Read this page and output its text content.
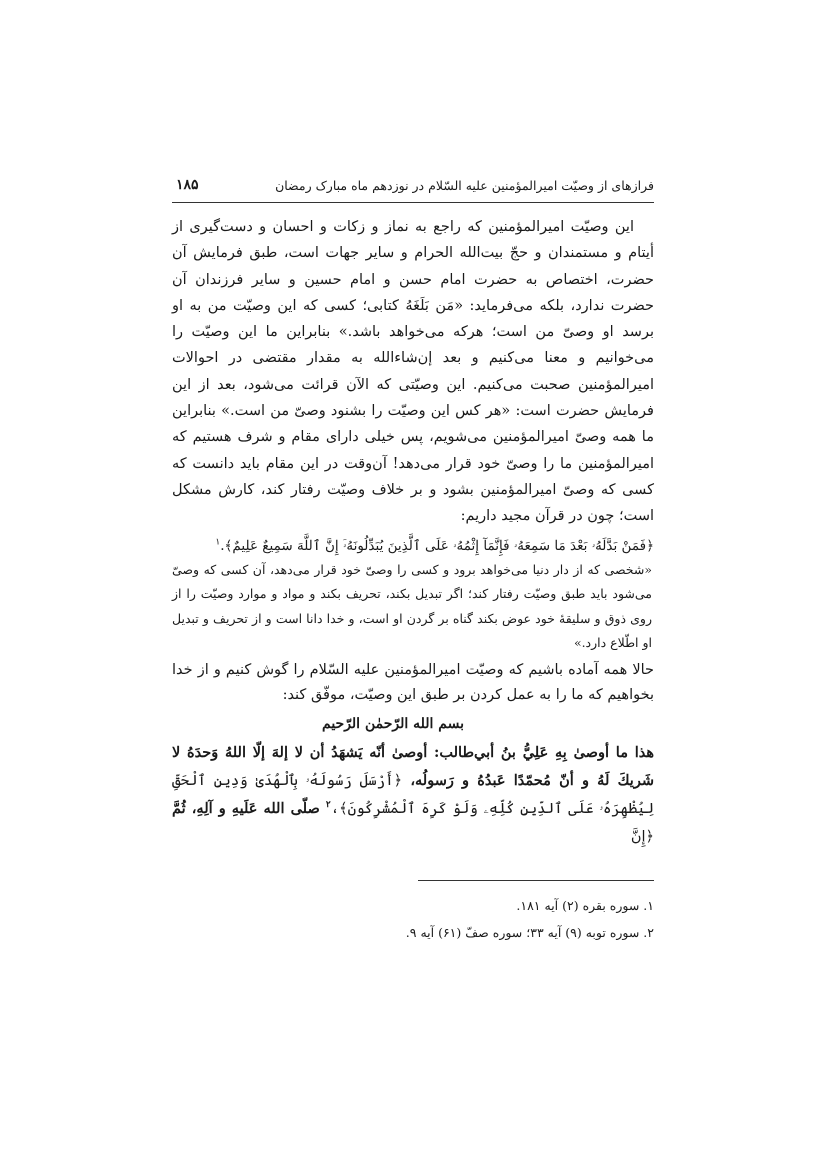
فرازهای از وصیّت امیرالمؤمنین علیه السّلام در نوزدهم ماه مبارک رمضان
۱۸۵

این وصیّت امیرالمؤمنین که راجع به نماز و زکات و احسان و دست‌گیری از أیتام و مستمندان و حجّ بیت‌الله الحرام و سایر جهات است، طبق فرمایش آن حضرت، اختصاص به حضرت امام حسن و امام حسین و سایر فرزندان آن حضرت ندارد، بلکه می‌فرماید: «مَن بَلَغَهُ کتابی؛ کسی که این وصیّت من به او برسد او وصیّ من است؛ هرکه می‌خواهد باشد.» بنابراین ما این وصیّت را می‌خوانیم و معنا می‌کنیم و بعد إن‌شاءالله به مقدار مقتضی در احوالات امیرالمؤمنین صحبت می‌کنیم. این وصیّتی که الآن قرائت می‌شود، بعد از این فرمایش حضرت است: «هر کس این وصیّت را بشنود وصیّ من است.» بنابراین ما همه وصیّ امیرالمؤمنین می‌شویم، پس خیلی دارای مقام و شرف هستیم که امیرالمؤمنین ما را وصیّ خود قرار می‌دهد! آن‌وقت در این مقام باید دانست که کسی که وصیّ امیرالمؤمنین بشود و بر خلاف وصیّت رفتار کند، کارش مشکل است؛ چون در قرآن مجید داریم:

﴿فَمَنْ بَدَّلَهُۥ بَعْدَ مَا سَمِعَهُۥ فَإِنَّمَآ إِثْمُهُۥ عَلَى ٱلَّذِينَ يُبَدِّلُونَهُۥٓ إِنَّ ٱللَّهَ سَمِيعٌ عَلِيمٌ﴾.$^۱$

«شخصی که از دار دنیا می‌خواهد برود و کسی را وصیّ خود قرار می‌دهد، آن کسی که وصیّ می‌شود باید طبق وصیّت رفتار کند؛ اگر تبدیل بکند، تحریف بکند و مواد و موارد وصیّت را از روی ذوق و سلیقهٔ خود عوض بکند گناه بر گردن او است، و خدا دانا است و از تحریف و تبدیل او اطّلاع دارد.»

حالا همه آماده باشیم که وصیّت امیرالمؤمنین علیه السّلام را گوش کنیم و از خدا بخواهیم که ما را به عمل کردن بر طبق این وصیّت، موفّق کند:

بسم الله الرّحمٰن الرّحیم

هذا ما أوصىٰ بِهِ عَلِيُّ بنُ أبي‌طالب: أوصىٰ أنّه يَشهَدُ أن لا إلهَ إلّا اللهُ وَحدَهُ لا شَريكَ لَهُ و أنّ مُحمّدًا عَبدُهُ و رَسولُه، ﴿أَرْسَلَ رَسُولَهُۥ بِٱلْهُدَىٰ وَدِينِ ٱلْحَقِّ لِيُظْهِرَهُۥ عَلَى ٱلدِّينِ كُلِّهِۦ وَلَوْ كَرِهَ ٱلْمُشْرِكُونَ﴾،$^۲$ صلّى الله عَلَيهِ و آلِهِ، ثُمَّ ﴿إِنَّ

۱. سوره بقره (۲) آیه ۱۸۱.

۲. سوره توبه (۹) آیه ۳۳؛ سوره صفّ (۶۱) آیه ۹.
